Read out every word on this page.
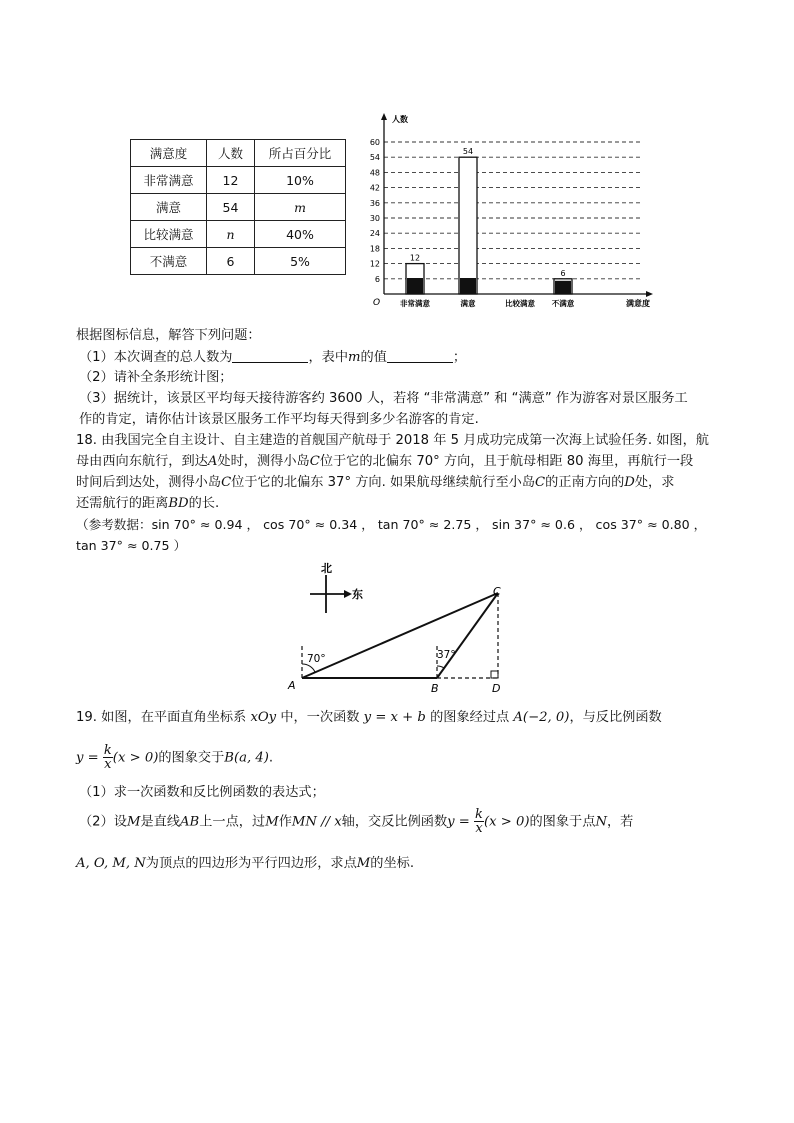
满意度	人数	所占百分比
非常满意	12	10%
满意	54	m
比较满意	n	40%
不满意	6	5%
6
12
18
24
30
36
42
48
54
60
12
非常满意
54
满意	比较满意
6
不满意
人数
满意度
O
根据图标信息，解答下列问题：
（1）本次调查的总人数为	，表中m的值	；
（2）请补全条形统计图；
（3）据统计，该景区平均每天接待游客约 3600 人，若将 “非常满意” 和 “满意” 作为游客对景区服务工
作的肯定，请你估计该景区服务工作平均每天得到多少名游客的肯定.
18. 由我国完全自主设计、自主建造的首舰国产航母于 2018 年 5 月成功完成第一次海上试验任务. 如图，航
母由西向东航行，到达A处时，测得小岛C位于它的北偏东 70° 方向，且于航母相距 80 海里，再航行一段
时间后到达处，测得小岛C位于它的北偏东 37° 方向. 如果航母继续航行至小岛C的正南方向的D处，求
还需航行的距离BD的长.
（参考数据：sin 70° ≈ 0.94 ， cos 70° ≈ 0.34 ， tan 70° ≈ 2.75 ， sin 37° ≈ 0.6 ， cos 37° ≈ 0.80 ，
tan 37° ≈ 0.75 ）
北
东
70°	37°
A	B
C
D
19. 如图，在平面直角坐标系 xOy 中，一次函数 y = x + b 的图象经过点 A(−2, 0)，与反比例函数
$y = \frac{k}{x} (x > 0)$的图象交于B(a, 4).
（1）求一次函数和反比例函数的表达式；
（2）设M是直线AB上一点，过M作MN // x轴，交反比例函数$y = \frac{k}{x} (x > 0)$的图象于点N，若
A, O, M, N为顶点的四边形为平行四边形，求点M的坐标.
